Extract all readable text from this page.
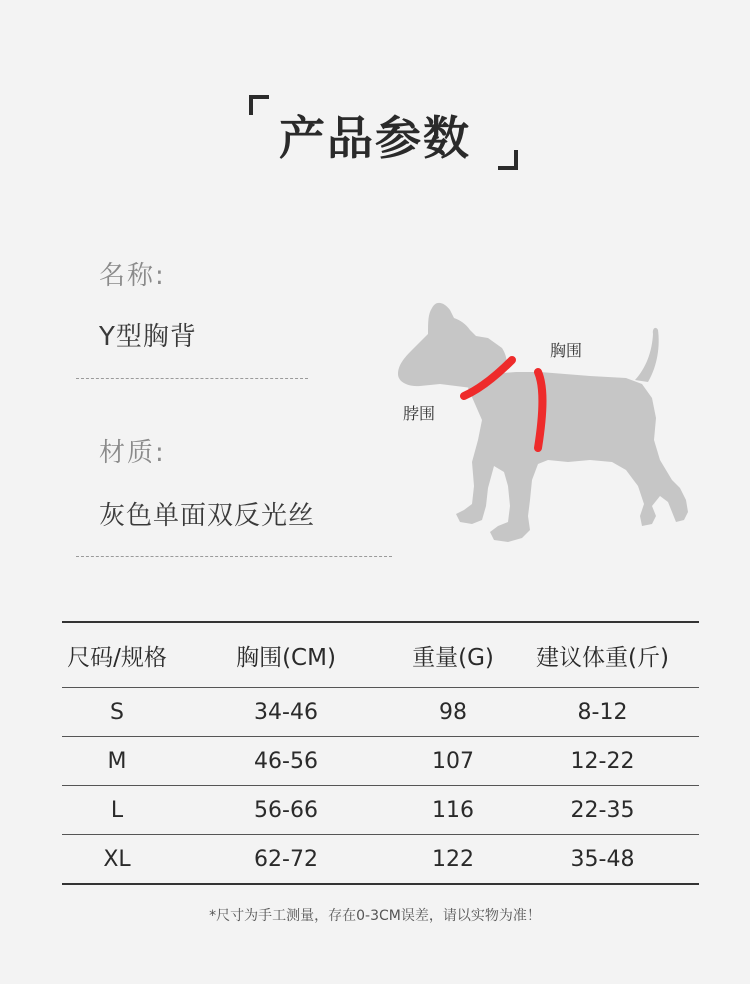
产品参数
名称:
Y型胸背
材质:
灰色单面双反光丝
胸围
脖围
尺码/规格	胸围(CM)	重量(G)	建议体重(斤)
S	34-46	98	8-12
M	46-56	107	12-22
L	56-66	116	22-35
XL	62-72	122	35-48
*尺寸为手工测量，存在0-3CM误差，请以实物为准！
